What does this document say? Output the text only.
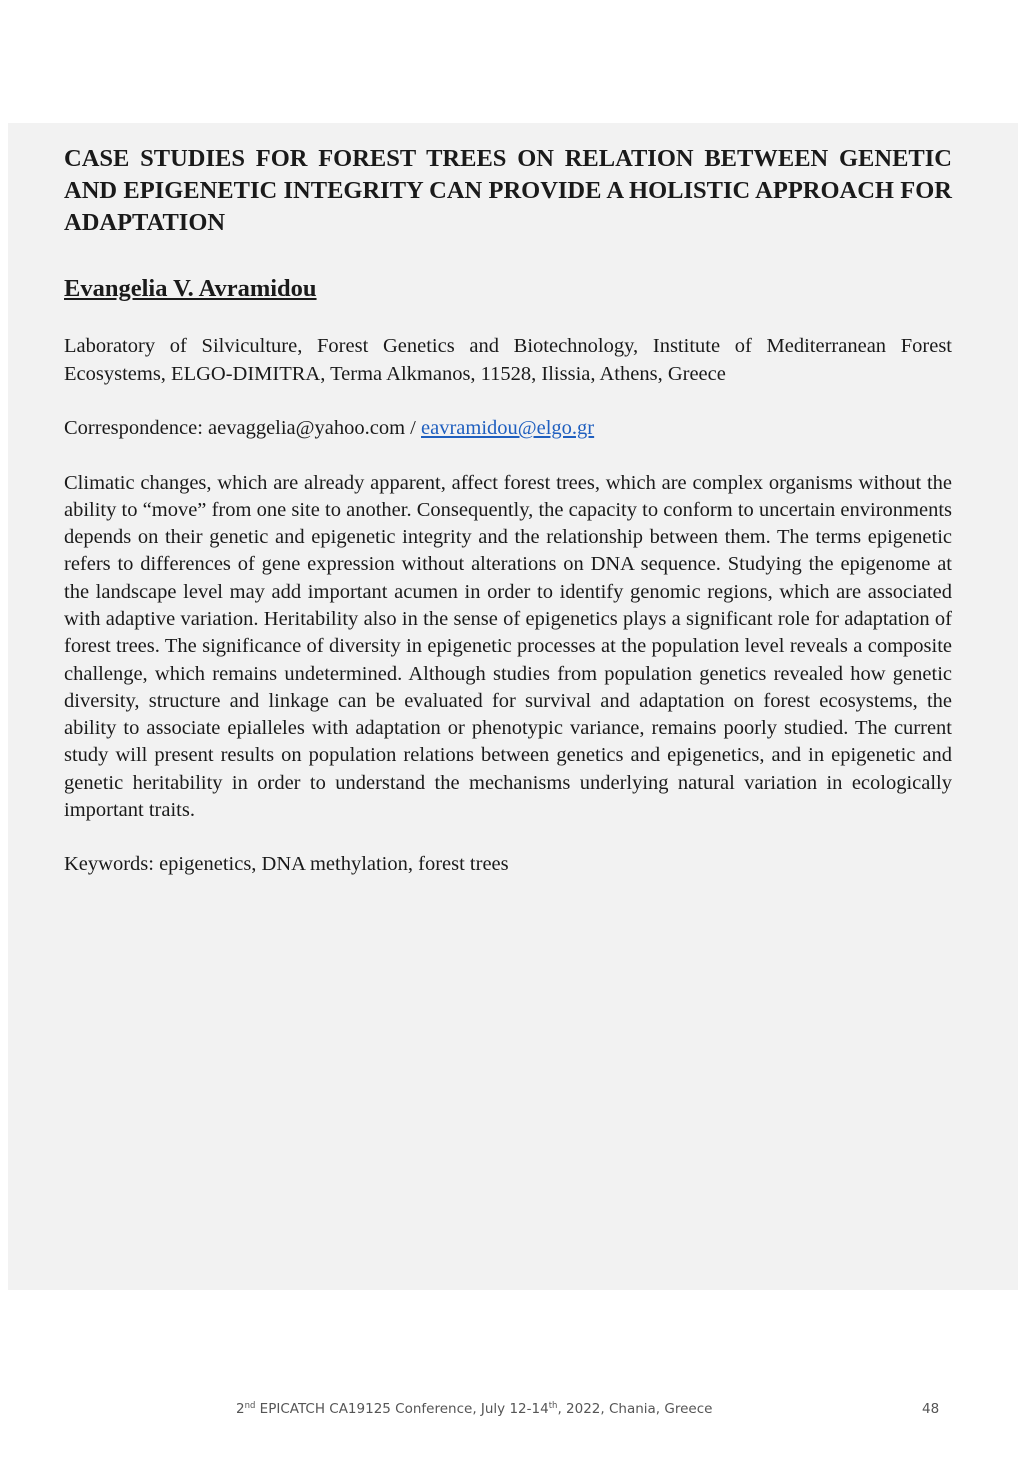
CASE STUDIES FOR FOREST TREES ON RELATION BETWEEN GENETIC AND EPIGENETIC INTEGRITY CAN PROVIDE A HOLISTIC APPROACH FOR ADAPTATION
Evangelia V. Avramidou

Laboratory of Silviculture, Forest Genetics and Biotechnology, Institute of Mediterranean Forest Ecosystems, ELGO-DIMITRA, Terma Alkmanos, 11528, Ilissia, Athens, Greece

Correspondence: aevaggelia@yahoo.com / eavramidou@elgo.gr

Climatic changes, which are already apparent, affect forest trees, which are complex organisms without the ability to “move” from one site to another. Consequently, the capacity to conform to uncertain environments depends on their genetic and epigenetic integrity and the relationship between them. The terms epigenetic refers to differences of gene expression without alterations on DNA sequence. Studying the epigenome at the landscape level may add important acumen in order to identify genomic regions, which are associated with adaptive variation. Heritability also in the sense of epigenetics plays a significant role for adaptation of forest trees. The significance of diversity in epigenetic processes at the population level reveals a composite challenge, which remains undetermined. Although studies from population genetics revealed how genetic diversity, structure and linkage can be evaluated for survival and adaptation on forest ecosystems, the ability to associate epialleles with adaptation or phenotypic variance, remains poorly studied. The current study will present results on population relations between genetics and epigenetics, and in epigenetic and genetic heritability in order to understand the mechanisms underlying natural variation in ecologically important traits.

Keywords: epigenetics, DNA methylation, forest trees

2nd EPICATCH CA19125 Conference, July 12-14th, 2022, Chania, Greece	48
